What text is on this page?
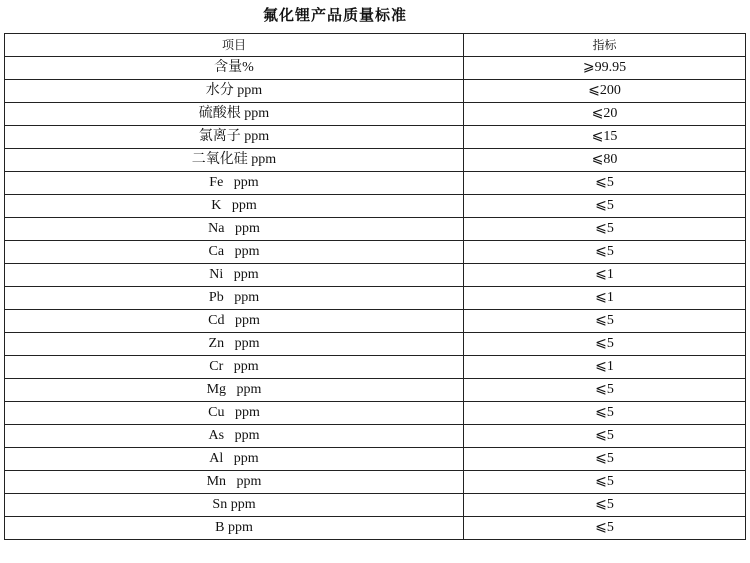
氟化锂产品质量标准
项目	指标
含量%	⩾99.95
水分 ppm	⩽200
硫酸根 ppm	⩽20
氯离子 ppm	⩽15
二氧化硅 ppm	⩽80
Fe   ppm	⩽5
K   ppm	⩽5
Na   ppm	⩽5
Ca   ppm	⩽5
Ni   ppm	⩽1
Pb   ppm	⩽1
Cd   ppm	⩽5
Zn   ppm	⩽5
Cr   ppm	⩽1
Mg   ppm	⩽5
Cu   ppm	⩽5
As   ppm	⩽5
Al   ppm	⩽5
Mn   ppm	⩽5
Sn ppm	⩽5
B ppm	⩽5
